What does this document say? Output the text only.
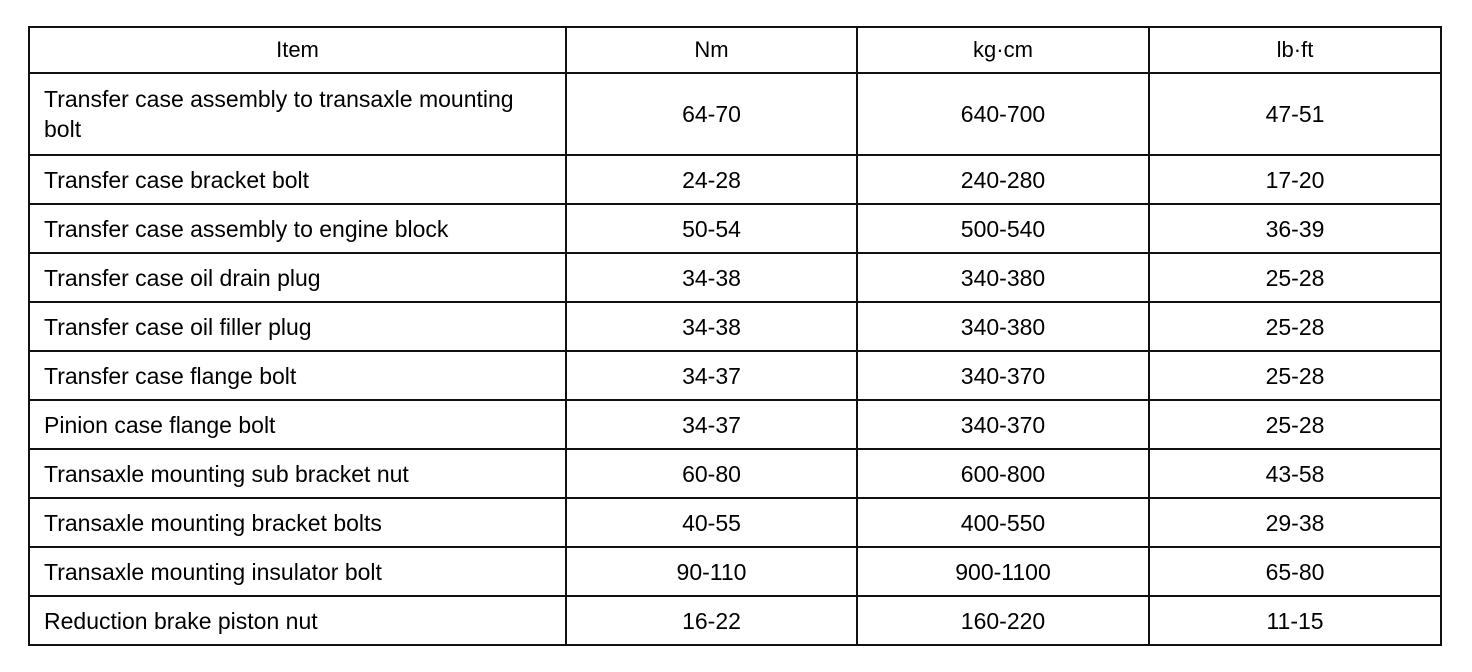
Item	Nm	kg·cm	lb·ft
Transfer case assembly to transaxle mounting bolt	64-70	640-700	47-51
Transfer case bracket bolt	24-28	240-280	17-20
Transfer case assembly to engine block	50-54	500-540	36-39
Transfer case oil drain plug	34-38	340-380	25-28
Transfer case oil filler plug	34-38	340-380	25-28
Transfer case flange bolt	34-37	340-370	25-28
Pinion case flange bolt	34-37	340-370	25-28
Transaxle mounting sub bracket nut	60-80	600-800	43-58
Transaxle mounting bracket bolts	40-55	400-550	29-38
Transaxle mounting insulator bolt	90-110	900-1100	65-80
Reduction brake piston nut	16-22	160-220	11-15
